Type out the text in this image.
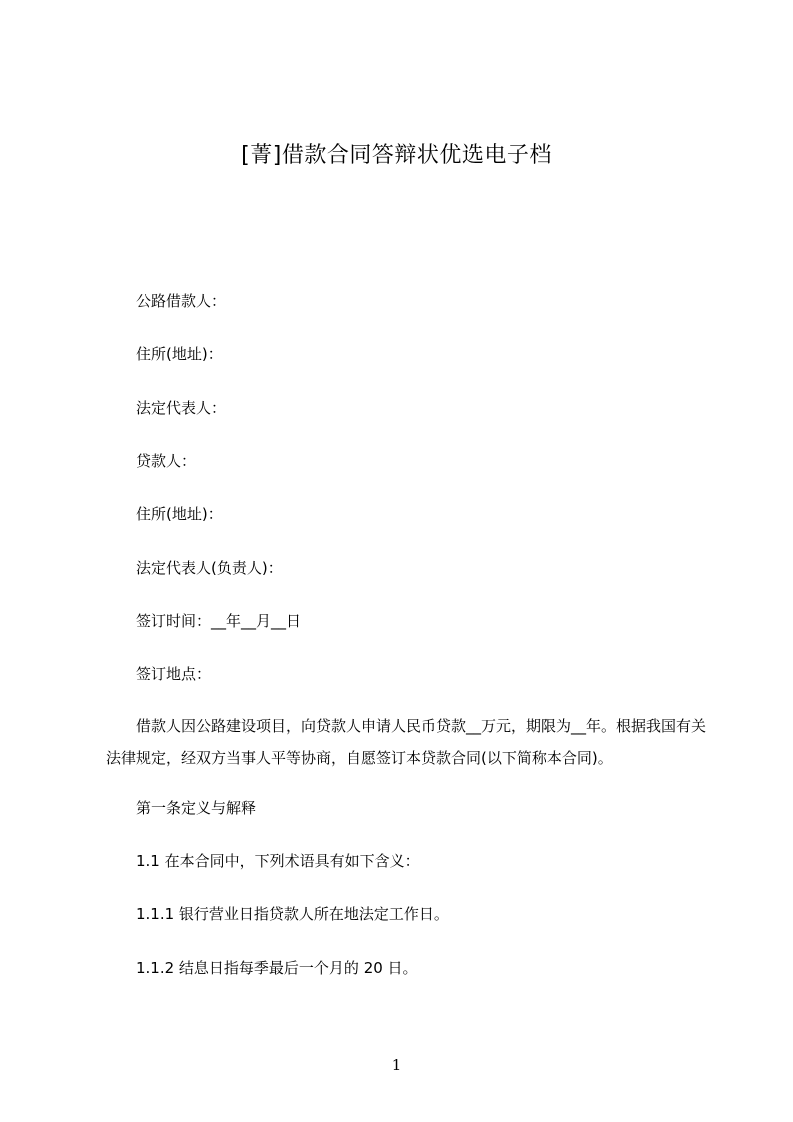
[菁]借款合同答辩状优选电子档
公路借款人：
住所(地址)：
法定代表人：
贷款人：
住所(地址)：
法定代表人(负责人)：
签订时间：__年__月__日
签订地点：
借款人因公路建设项目，向贷款人申请人民币贷款__万元，期限为__年。根据我国有关法律规定，经双方当事人平等协商，自愿签订本贷款合同(以下简称本合同)。
第一条定义与解释
1.1 在本合同中，下列术语具有如下含义：
1.1.1 银行营业日指贷款人所在地法定工作日。
1.1.2 结息日指每季最后一个月的 20 日。
1
